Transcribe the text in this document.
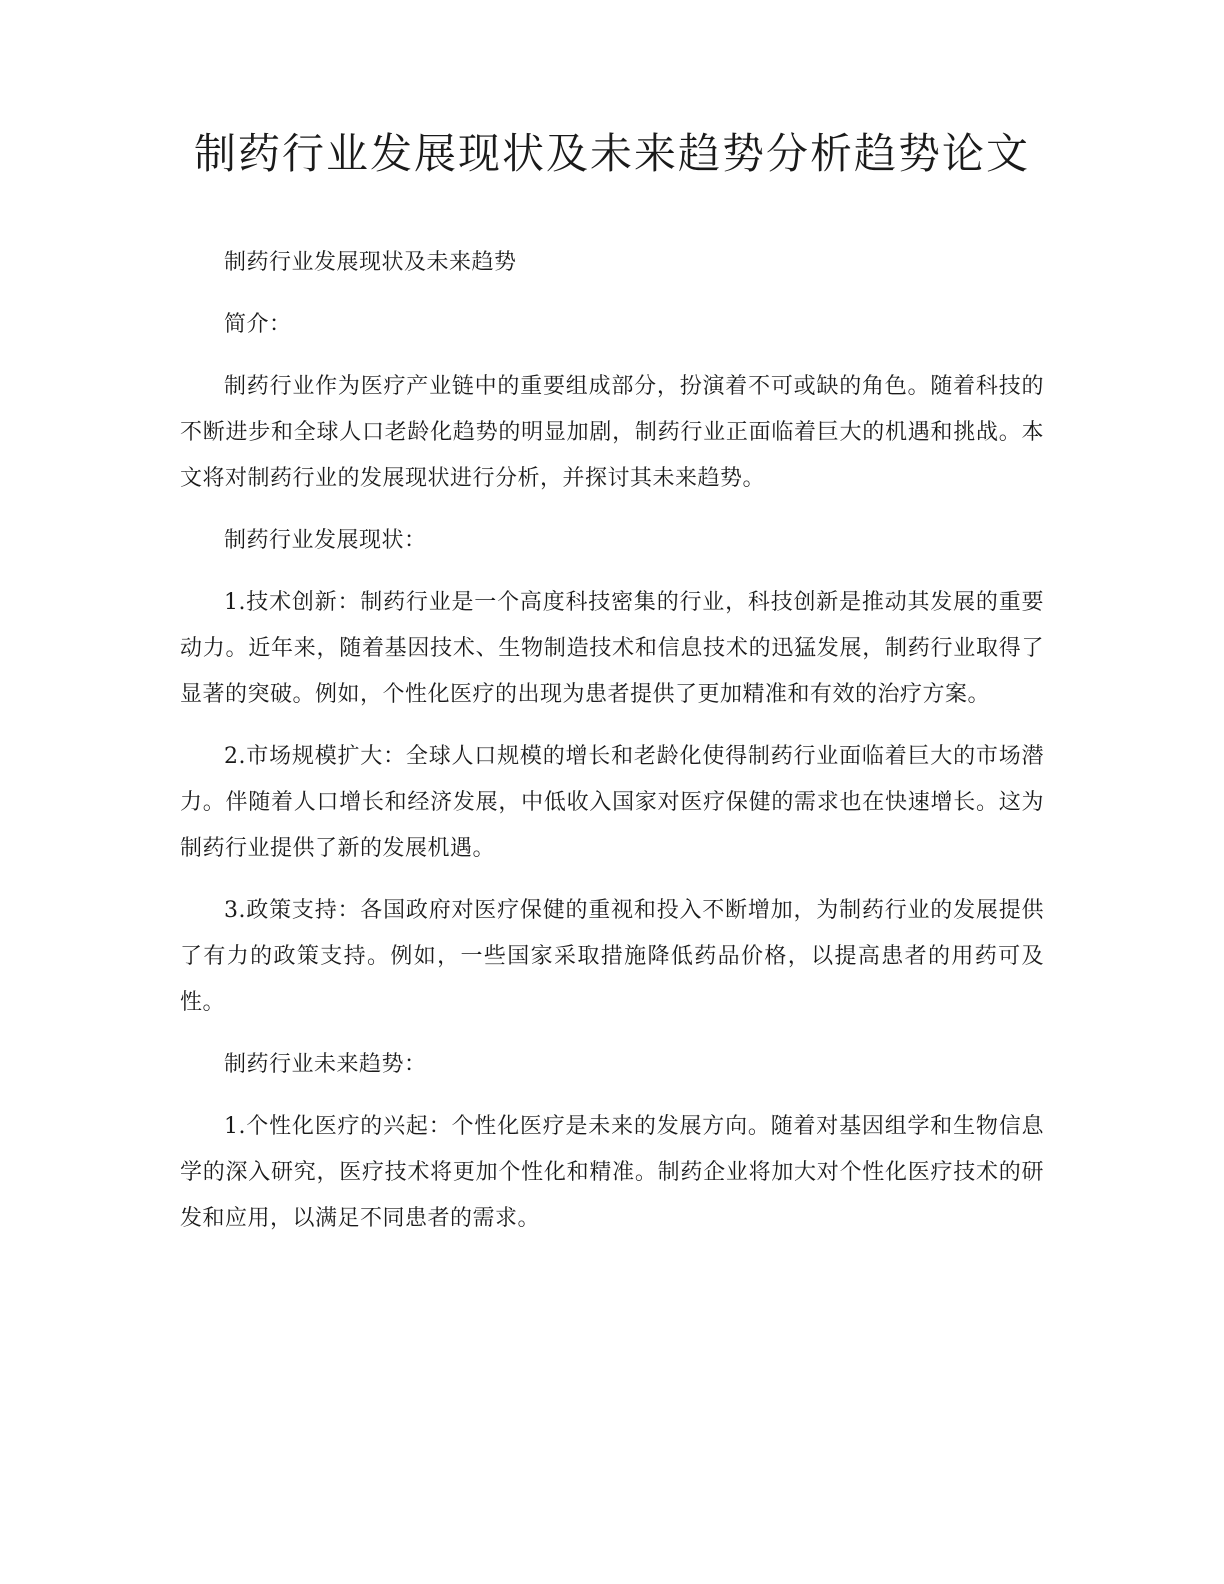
制药行业发展现状及未来趋势分析趋势论文

制药行业发展现状及未来趋势

简介：

制药行业作为医疗产业链中的重要组成部分，扮演着不可或缺的角色。随着科技的不断进步和全球人口老龄化趋势的明显加剧，制药行业正面临着巨大的机遇和挑战。本文将对制药行业的发展现状进行分析，并探讨其未来趋势。

制药行业发展现状：

1.技术创新：制药行业是一个高度科技密集的行业，科技创新是推动其发展的重要动力。近年来，随着基因技术、生物制造技术和信息技术的迅猛发展，制药行业取得了显著的突破。例如，个性化医疗的出现为患者提供了更加精准和有效的治疗方案。

2.市场规模扩大：全球人口规模的增长和老龄化使得制药行业面临着巨大的市场潜力。伴随着人口增长和经济发展，中低收入国家对医疗保健的需求也在快速增长。这为制药行业提供了新的发展机遇。

3.政策支持：各国政府对医疗保健的重视和投入不断增加，为制药行业的发展提供了有力的政策支持。例如，一些国家采取措施降低药品价格，以提高患者的用药可及性。

制药行业未来趋势：

1.个性化医疗的兴起：个性化医疗是未来的发展方向。随着对基因组学和生物信息学的深入研究，医疗技术将更加个性化和精准。制药企业将加大对个性化医疗技术的研发和应用，以满足不同患者的需求。
